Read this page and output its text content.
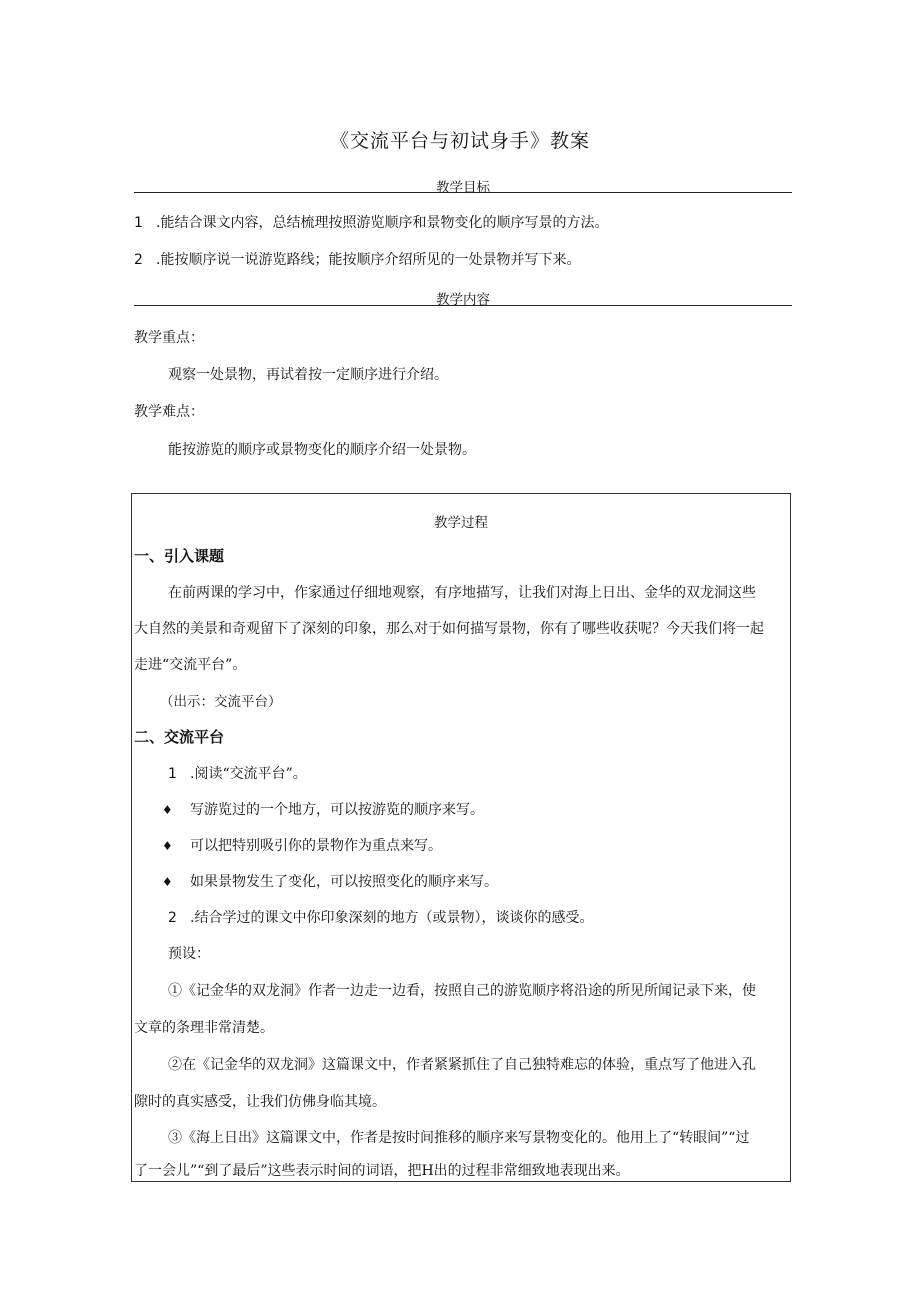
《交流平台与初试身手》教案
教学目标
1 .能结合课文内容，总结梳理按照游览顺序和景物变化的顺序写景的方法。
2 .能按顺序说一说游览路线；能按顺序介绍所见的一处景物并写下来。
教学内容
教学重点：
观察一处景物，再试着按一定顺序进行介绍。
教学难点：
能按游览的顺序或景物变化的顺序介绍一处景物。
教学过程
一、引入课题
在前两课的学习中，作家通过仔细地观察，有序地描写，让我们对海上日出、金华的双龙洞这些
大自然的美景和奇观留下了深刻的印象，那么对于如何描写景物，你有了哪些收获呢？今天我们将一起
走进“交流平台”。
（出示：交流平台）
二、交流平台
1 .阅读“交流平台”。
♦ 写游览过的一个地方，可以按游览的顺序来写。
♦ 可以把特别吸引你的景物作为重点来写。
♦ 如果景物发生了变化，可以按照变化的顺序来写。
2 .结合学过的课文中你印象深刻的地方（或景物），谈谈你的感受。
预设：
①《记金华的双龙洞》作者一边走一边看，按照自己的游览顺序将沿途的所见所闻记录下来，使
文章的条理非常清楚。
②在《记金华的双龙洞》这篇课文中，作者紧紧抓住了自己独特难忘的体验，重点写了他进入孔
隙时的真实感受，让我们仿佛身临其境。
③《海上日出》这篇课文中，作者是按时间推移的顺序来写景物变化的。他用上了“转眼间”“过
了一会儿”“到了最后”这些表示时间的词语，把H出的过程非常细致地表现出来。
